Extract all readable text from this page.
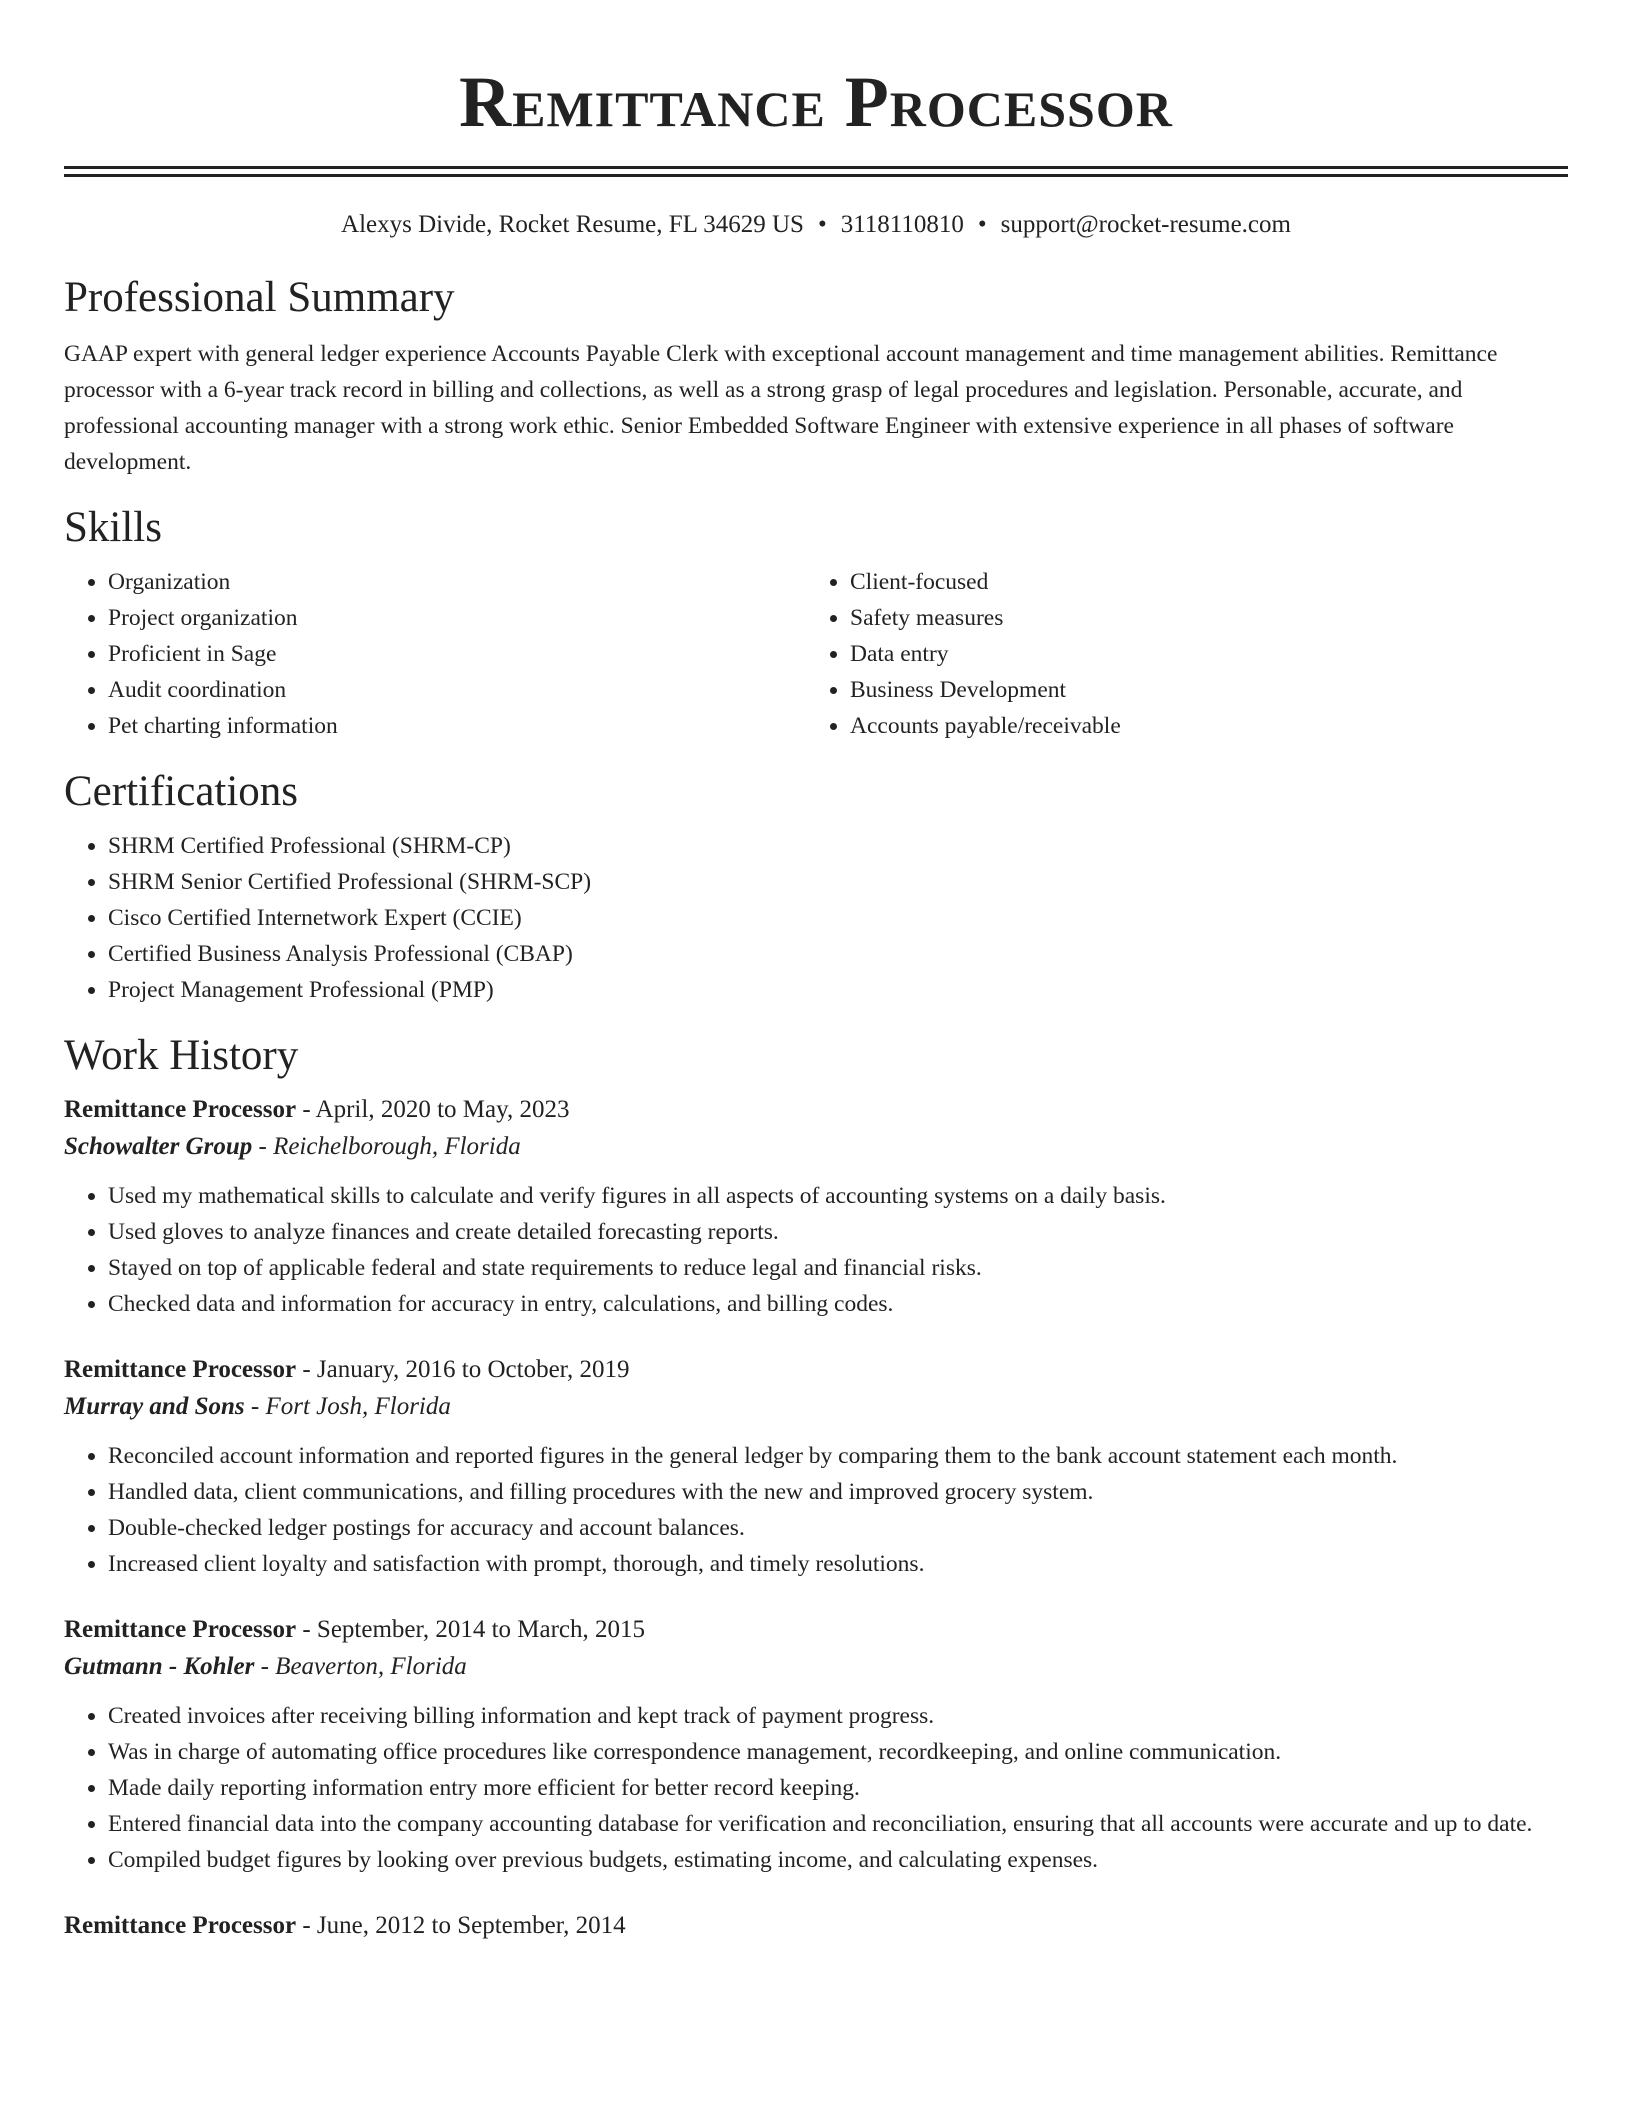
Remittance Processor
Alexys Divide, Rocket Resume, FL 34629 US • 3118110810 • support@rocket-resume.com
Professional Summary

GAAP expert with general ledger experience Accounts Payable Clerk with exceptional account management and time management abilities. Remittance processor with a 6-year track record in billing and collections, as well as a strong grasp of legal procedures and legislation. Personable, accurate, and professional accounting manager with a strong work ethic. Senior Embedded Software Engineer with extensive experience in all phases of software development.

Skills
• Organization
• Project organization
• Proficient in Sage
• Audit coordination
• Pet charting information
• Client-focused
• Safety measures
• Data entry
• Business Development
• Accounts payable/receivable
Certifications
• SHRM Certified Professional (SHRM-CP)
• SHRM Senior Certified Professional (SHRM-SCP)
• Cisco Certified Internetwork Expert (CCIE)
• Certified Business Analysis Professional (CBAP)
• Project Management Professional (PMP)
Work History

Remittance Processor - April, 2020 to May, 2023

Schowalter Group - Reichelborough, Florida

• Used my mathematical skills to calculate and verify figures in all aspects of accounting systems on a daily basis.
• Used gloves to analyze finances and create detailed forecasting reports.
• Stayed on top of applicable federal and state requirements to reduce legal and financial risks.
• Checked data and information for accuracy in entry, calculations, and billing codes.

Remittance Processor - January, 2016 to October, 2019

Murray and Sons - Fort Josh, Florida

• Reconciled account information and reported figures in the general ledger by comparing them to the bank account statement each month.
• Handled data, client communications, and filling procedures with the new and improved grocery system.
• Double-checked ledger postings for accuracy and account balances.
• Increased client loyalty and satisfaction with prompt, thorough, and timely resolutions.

Remittance Processor - September, 2014 to March, 2015

Gutmann - Kohler - Beaverton, Florida

• Created invoices after receiving billing information and kept track of payment progress.
• Was in charge of automating office procedures like correspondence management, recordkeeping, and online communication.
• Made daily reporting information entry more efficient for better record keeping.
• Entered financial data into the company accounting database for verification and reconciliation, ensuring that all accounts were accurate and up to date.
• Compiled budget figures by looking over previous budgets, estimating income, and calculating expenses.

Remittance Processor - June, 2012 to September, 2014
